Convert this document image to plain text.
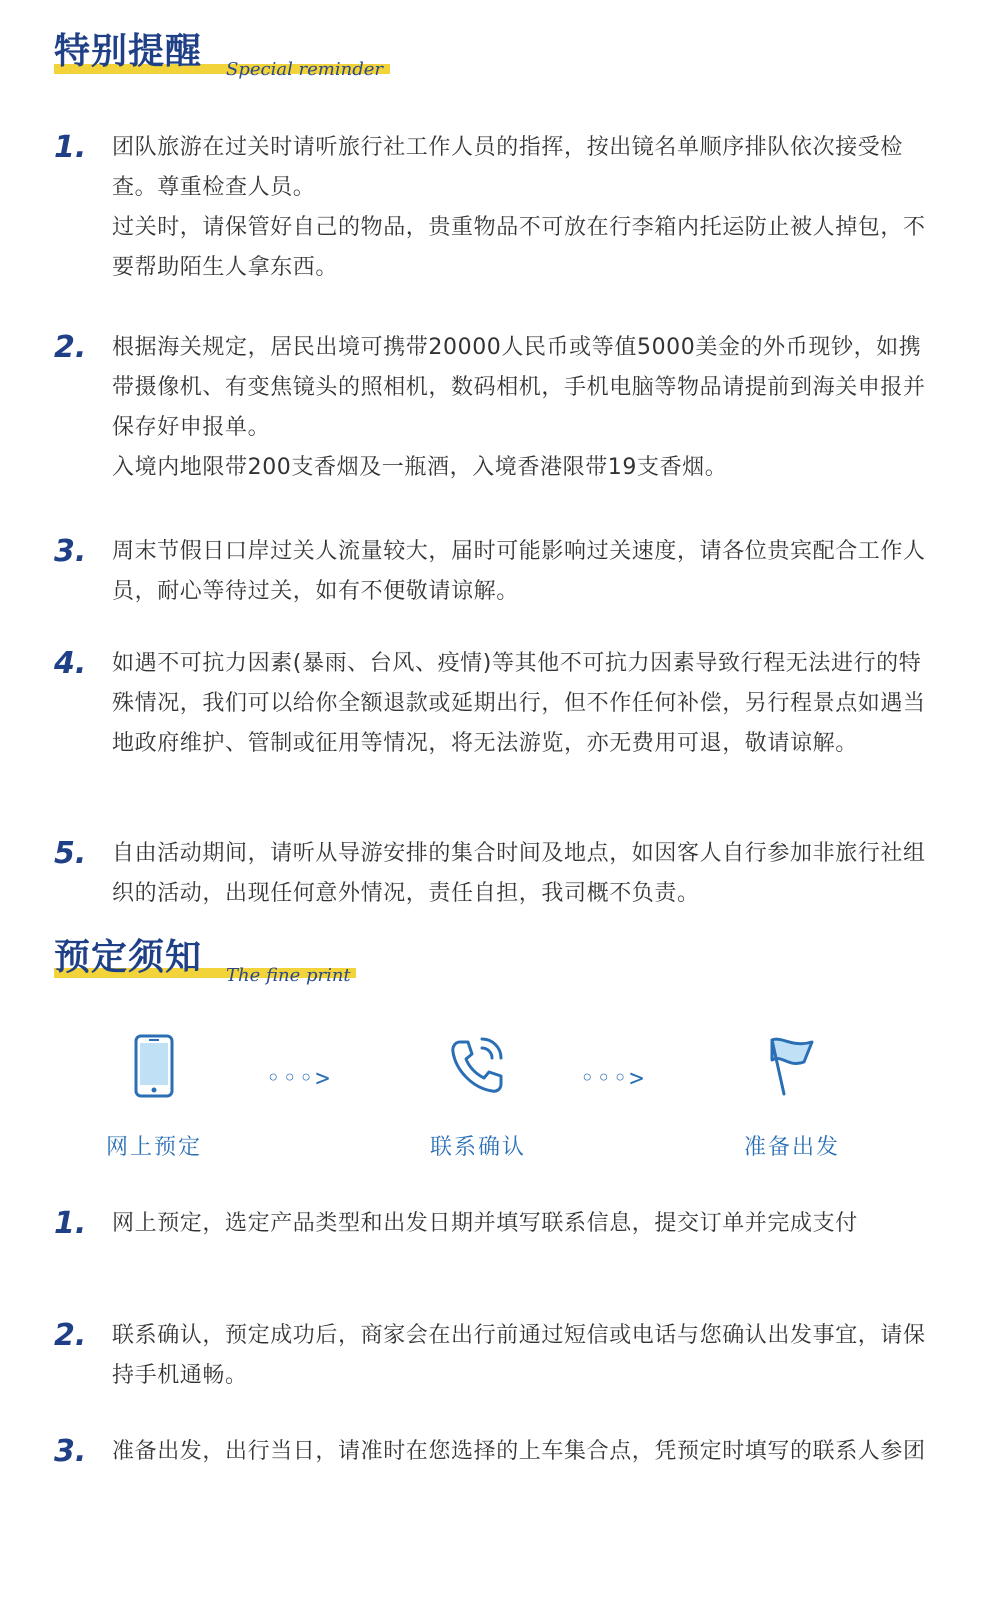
特别提醒 Special reminder
1. 团队旅游在过关时请听旅行社工作人员的指挥，按出镜名单顺序排队依次接受检查。尊重检查人员。

过关时，请保管好自己的物品，贵重物品不可放在行李箱内托运防止被人掉包，不要帮助陌生人拿东西。

2. 根据海关规定，居民出境可携带20000人民币或等值5000美金的外币现钞，如携带摄像机、有变焦镜头的照相机，数码相机，手机电脑等物品请提前到海关申报并保存好申报单。

入境内地限带200支香烟及一瓶酒，入境香港限带19支香烟。

3. 周末节假日口岸过关人流量较大，届时可能影响过关速度，请各位贵宾配合工作人员，耐心等待过关，如有不便敬请谅解。

4. 如遇不可抗力因素(暴雨、台风、疫情)等其他不可抗力因素导致行程无法进行的特殊情况，我们可以给你全额退款或延期出行，但不作任何补偿，另行程景点如遇当地政府维护、管制或征用等情况，将无法游览，亦无费用可退，敬请谅解。

5. 自由活动期间，请听从导游安排的集合时间及地点，如因客人自行参加非旅行社组织的活动，出现任何意外情况，责任自担，我司概不负责。

预定须知 The fine print
网上预定
◦◦◦>
联系确认
◦◦◦>
准备出发
1. 网上预定，选定产品类型和出发日期并填写联系信息，提交订单并完成支付

2. 联系确认，预定成功后，商家会在出行前通过短信或电话与您确认出发事宜，请保持手机通畅。

3. 准备出发，出行当日，请准时在您选择的上车集合点，凭预定时填写的联系人参团
